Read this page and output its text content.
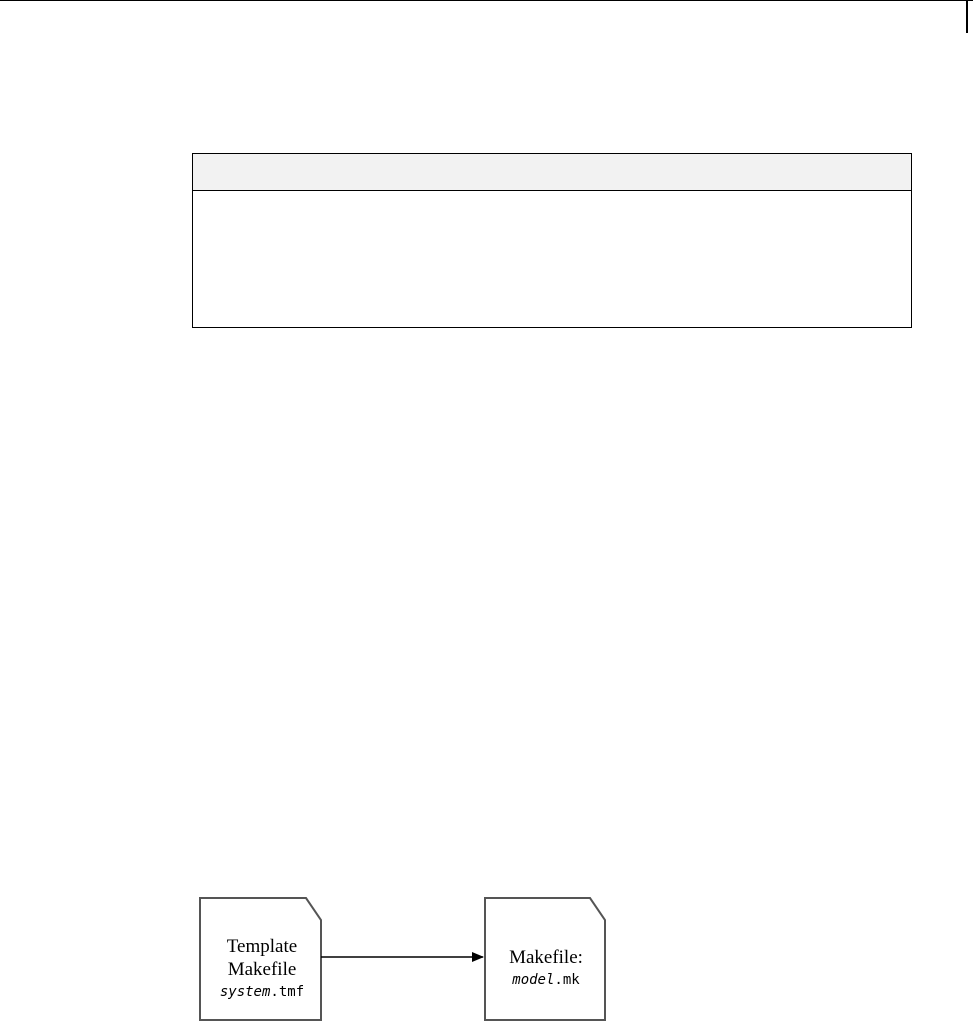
Template
Makefile
system.tmf
Makefile:
model.mk
